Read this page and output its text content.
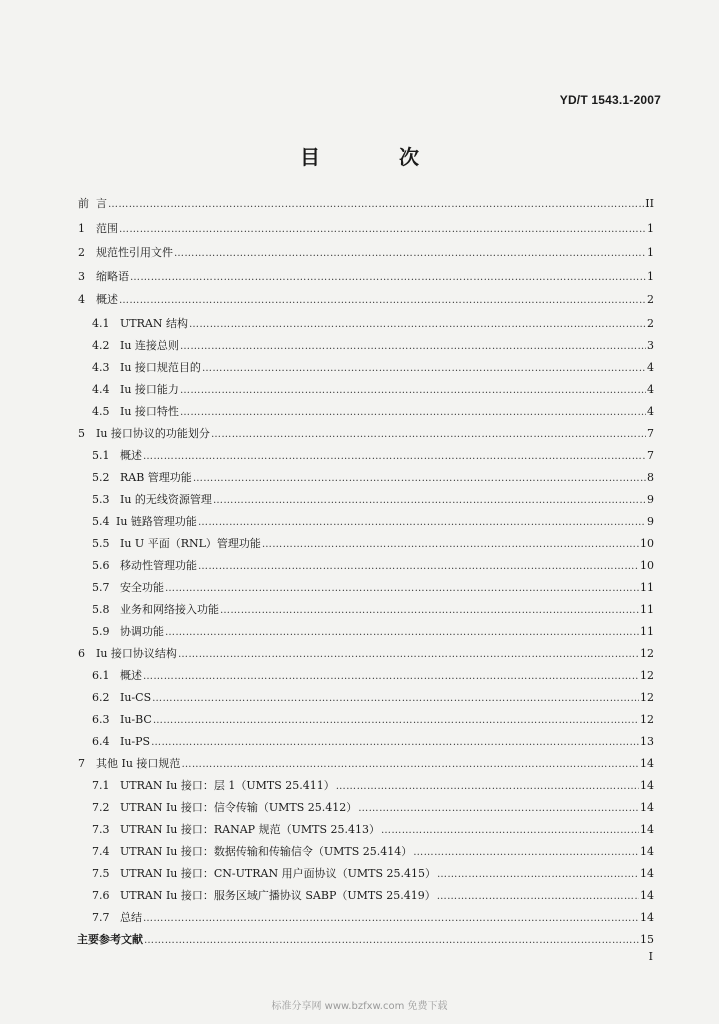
YD/T 1543.1-2007
目 次
前  言 …………………………………………………………………………………………………………………………………………………………………………………………………………………………………………………………	II
1	范围 …………………………………………………………………………………………………………………………………………………………………………………………………………………………………………………………	1
2	规范性引用文件 …………………………………………………………………………………………………………………………………………………………………………………………………………………………………………………………	1
3	缩略语 …………………………………………………………………………………………………………………………………………………………………………………………………………………………………………………………	1
4	概述 …………………………………………………………………………………………………………………………………………………………………………………………………………………………………………………………	2
4.1 UTRAN 结构 …………………………………………………………………………………………………………………………………………………………………………………………………………………………………………………………	2
4.2 Iu 连接总则 …………………………………………………………………………………………………………………………………………………………………………………………………………………………………………………………	3
4.3 Iu 接口规范目的 …………………………………………………………………………………………………………………………………………………………………………………………………………………………………………………………	4
4.4 Iu 接口能力 …………………………………………………………………………………………………………………………………………………………………………………………………………………………………………………………	4
4.5 Iu 接口特性 …………………………………………………………………………………………………………………………………………………………………………………………………………………………………………………………	4
5	Iu 接口协议的功能划分 …………………………………………………………………………………………………………………………………………………………………………………………………………………………………………………………	7
5.1 概述 …………………………………………………………………………………………………………………………………………………………………………………………………………………………………………………………	7
5.2 RAB 管理功能 …………………………………………………………………………………………………………………………………………………………………………………………………………………………………………………………	8
5.3 Iu 的无线资源管理 …………………………………………………………………………………………………………………………………………………………………………………………………………………………………………………………	9
5.4 Iu 链路管理功能 …………………………………………………………………………………………………………………………………………………………………………………………………………………………………………………………	9
5.5 Iu U 平面（RNL）管理功能 …………………………………………………………………………………………………………………………………………………………………………………………………………………………………………………………	10
5.6 移动性管理功能 …………………………………………………………………………………………………………………………………………………………………………………………………………………………………………………………	10
5.7 安全功能 …………………………………………………………………………………………………………………………………………………………………………………………………………………………………………………………	11
5.8 业务和网络接入功能 …………………………………………………………………………………………………………………………………………………………………………………………………………………………………………………………	11
5.9 协调功能 …………………………………………………………………………………………………………………………………………………………………………………………………………………………………………………………	11
6	Iu 接口协议结构 …………………………………………………………………………………………………………………………………………………………………………………………………………………………………………………………	12
6.1 概述 …………………………………………………………………………………………………………………………………………………………………………………………………………………………………………………………	12
6.2 Iu-CS …………………………………………………………………………………………………………………………………………………………………………………………………………………………………………………………	12
6.3 Iu-BC …………………………………………………………………………………………………………………………………………………………………………………………………………………………………………………………	12
6.4 Iu-PS …………………………………………………………………………………………………………………………………………………………………………………………………………………………………………………………	13
7	其他 Iu 接口规范 …………………………………………………………………………………………………………………………………………………………………………………………………………………………………………………………	14
7.1 UTRAN Iu 接口：层 1（UMTS 25.411） …………………………………………………………………………………………………………………………………………………………………………………………………………………………………………………………	14
7.2 UTRAN Iu 接口：信令传输（UMTS 25.412） …………………………………………………………………………………………………………………………………………………………………………………………………………………………………………………………	14
7.3 UTRAN Iu 接口：RANAP 规范（UMTS 25.413） …………………………………………………………………………………………………………………………………………………………………………………………………………………………………………………………	14
7.4 UTRAN Iu 接口：数据传输和传输信令（UMTS 25.414） …………………………………………………………………………………………………………………………………………………………………………………………………………………………………………………………	14
7.5 UTRAN Iu 接口：CN-UTRAN 用户面协议（UMTS 25.415） …………………………………………………………………………………………………………………………………………………………………………………………………………………………………………………………	14
7.6 UTRAN Iu 接口：服务区域广播协议 SABP（UMTS 25.419） …………………………………………………………………………………………………………………………………………………………………………………………………………………………………………………………	14
7.7 总结 …………………………………………………………………………………………………………………………………………………………………………………………………………………………………………………………	14
主要参考文献 …………………………………………………………………………………………………………………………………………………………………………………………………………………………………………………………	15
I
标准分享网 www.bzfxw.com 免费下载
